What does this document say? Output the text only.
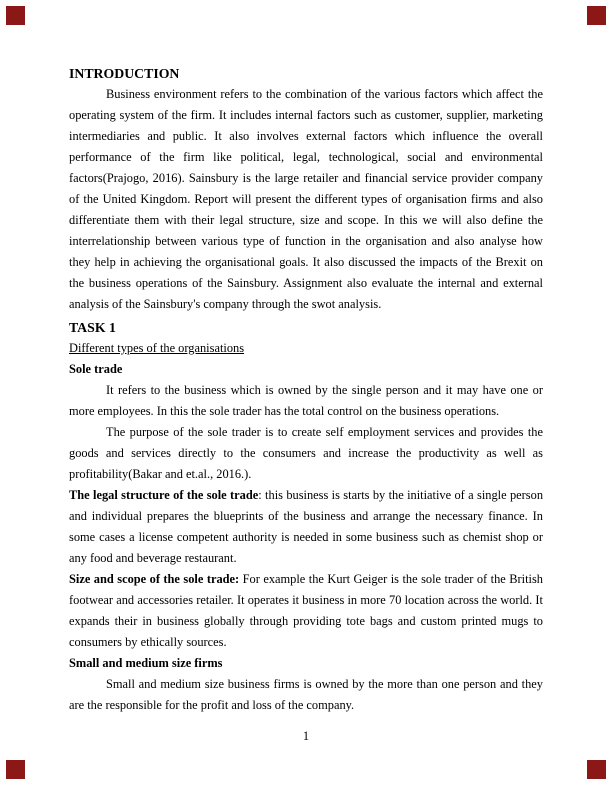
INTRODUCTION

Business environment refers to the combination of the various factors which affect the operating system of the firm. It includes internal factors such as customer, supplier, marketing intermediaries and public. It also involves external factors which influence the overall performance of the firm like political, legal, technological, social and environmental factors(Prajogo, 2016). Sainsbury is the large retailer and financial service provider company of the United Kingdom. Report will present the different types of organisation firms and also differentiate them with their legal structure, size and scope. In this we will also define the interrelationship between various type of function in the organisation and also analyse how they help in achieving the organisational goals. It also discussed the impacts of the Brexit on the business operations of the Sainsbury. Assignment also evaluate the internal and external analysis of the Sainsbury's company through the swot analysis.

TASK 1

Different types of the organisations

Sole trade

It refers to the business which is owned by the single person and it may have one or more employees. In this the sole trader has the total control on the business operations.

The purpose of the sole trader is to create self employment services and provides the goods and services directly to the consumers and increase the productivity as well as profitability(Bakar and et.al., 2016.).

The legal structure of the sole trade: this business is starts by the initiative of a single person and individual prepares the blueprints of the business and arrange the necessary finance. In some cases a license competent authority is needed in some business such as chemist shop or any food and beverage restaurant.

Size and scope of the sole trade: For example the Kurt Geiger is the sole trader of the British footwear and accessories retailer. It operates it business in more 70 location across the world. It expands their in business globally through providing tote bags and custom printed mugs to consumers by ethically sources.

Small and medium size firms

Small and medium size business firms is owned by the more than one person and they are the responsible for the profit and loss of the company.

1
